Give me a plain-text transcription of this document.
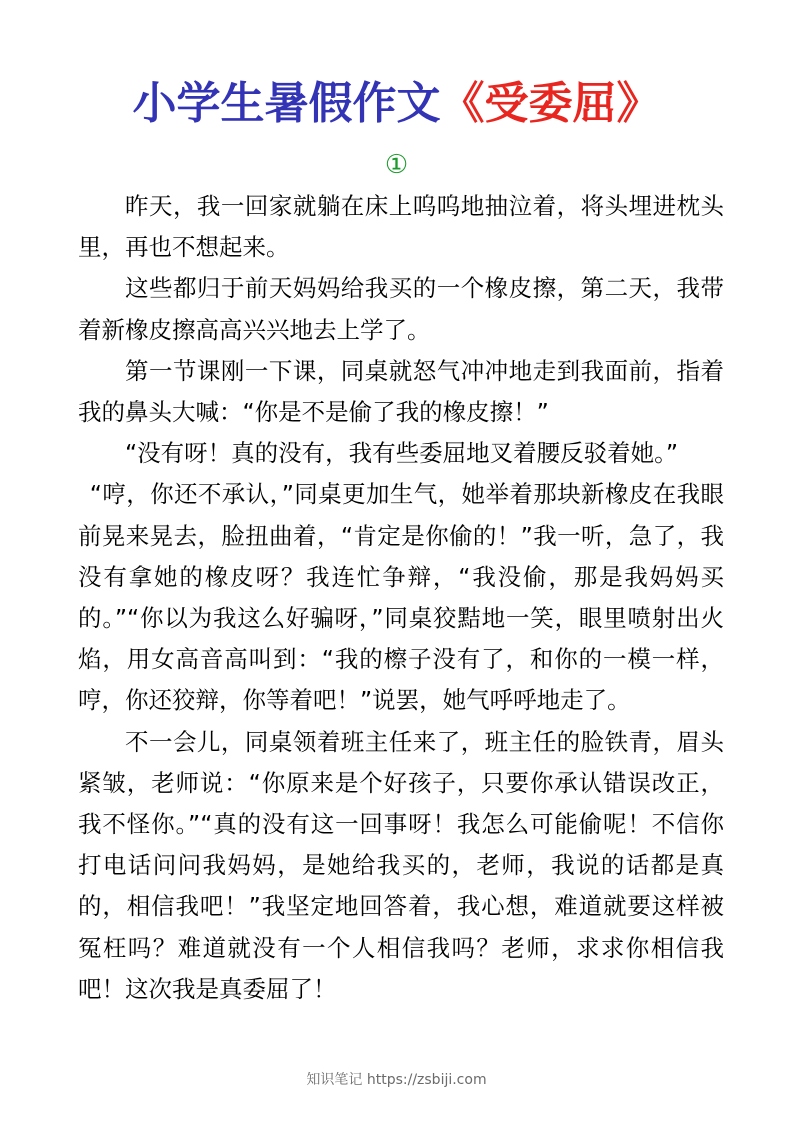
小学生暑假作文《受委屈》
①

昨天，我一回家就躺在床上呜呜地抽泣着，将头埋进枕头里，再也不想起来。

这些都归于前天妈妈给我买的一个橡皮擦，第二天，我带着新橡皮擦高高兴兴地去上学了。

第一节课刚一下课，同桌就怒气冲冲地走到我面前，指着我的鼻头大喊：“你是不是偷了我的橡皮擦！”

“没有呀！真的没有，我有些委屈地叉着腰反驳着她。”

“哼，你还不承认，”同桌更加生气，她举着那块新橡皮在我眼前晃来晃去，脸扭曲着，“肯定是你偷的！”我一听，急了，我没有拿她的橡皮呀？我连忙争辩，“我没偷，那是我妈妈买的。”“你以为我这么好骗呀，”同桌狡黠地一笑，眼里喷射出火焰，用女高音高叫到：“我的檫子没有了，和你的一模一样，哼，你还狡辩，你等着吧！”说罢，她气呼呼地走了。

不一会儿，同桌领着班主任来了，班主任的脸铁青，眉头紧皱，老师说：“你原来是个好孩子，只要你承认错误改正，我不怪你。”“真的没有这一回事呀！我怎么可能偷呢！不信你打电话问问我妈妈，是她给我买的，老师，我说的话都是真的，相信我吧！”我坚定地回答着，我心想，难道就要这样被冤枉吗？难道就没有一个人相信我吗？老师，求求你相信我吧！这次我是真委屈了！

知识笔记 https://zsbiji.com
